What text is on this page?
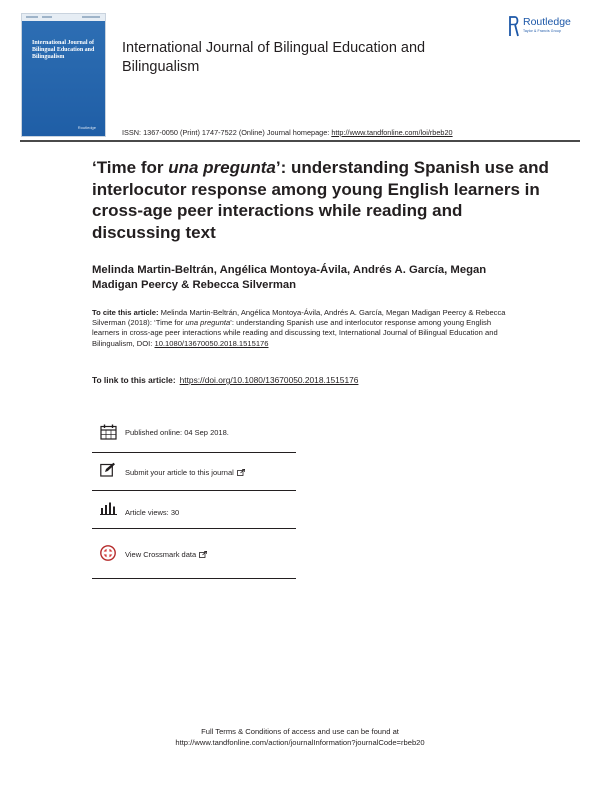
International Journal of Bilingual Education and Bilingualism
Routledge
International Journal of Bilingual Education and Bilingualism
Routledge
Taylor & Francis Group
ISSN: 1367-0050 (Print) 1747-7522 (Online) Journal homepage: http://www.tandfonline.com/loi/rbeb20
‘Time for una pregunta’: understanding Spanish use and interlocutor response among young English learners in cross-age peer interactions while reading and discussing text
Melinda Martin-Beltrán, Angélica Montoya-Ávila, Andrés A. García, Megan Madigan Peercy & Rebecca Silverman
To cite this article: Melinda Martin-Beltrán, Angélica Montoya-Ávila, Andrés A. García, Megan Madigan Peercy & Rebecca Silverman (2018): ‘Time for una pregunta’: understanding Spanish use and interlocutor response among young English learners in cross-age peer interactions while reading and discussing text, International Journal of Bilingual Education and Bilingualism, DOI: 10.1080/13670050.2018.1515176
To link to this article: https://doi.org/10.1080/13670050.2018.1515176
Published online: 04 Sep 2018.
Submit your article to this journal
Article views: 30
View Crossmark data
Full Terms & Conditions of access and use can be found at
http://www.tandfonline.com/action/journalInformation?journalCode=rbeb20
